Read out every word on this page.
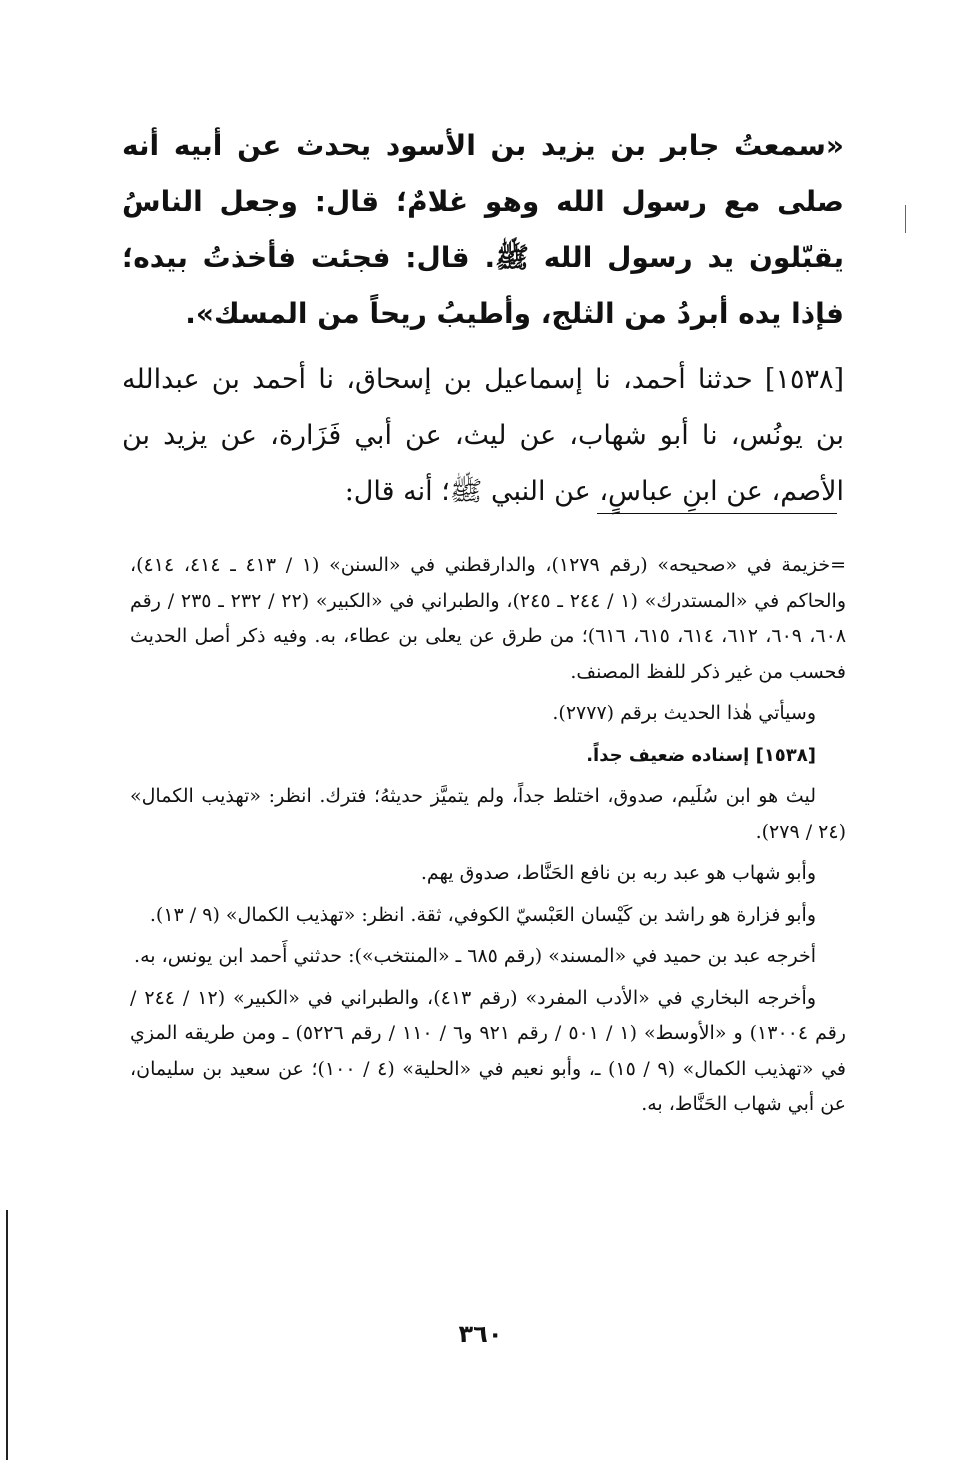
«سمعتُ جابر بن يزيد بن الأسود يحدث عن أبيه أنه صلى مع رسول الله وهو غلامٌ؛ قال: وجعل الناسُ يقبّلون يد رسول الله ﷺ. قال: فجئت فأخذتُ بيده؛ فإذا يده أبردُ من الثلج، وأطيبُ ريحاً من المسك».

[١٥٣٨] حدثنا أحمد، نا إسماعيل بن إسحاق، نا أحمد بن عبدالله بن يونُس، نا أبو شهاب، عن ليث، عن أبي فَزَارة، عن يزيد بن الأصم، عن ابنِ عباسٍ، عن النبي ﷺ؛ أنه قال:

=خزيمة في «صحيحه» (رقم ١٢٧٩)، والدارقطني في «السنن» (١ / ٤١٣ ـ ٤١٤، ٤١٤)، والحاكم في «المستدرك» (١ / ٢٤٤ ـ ٢٤٥)، والطبراني في «الكبير» (٢٢ / ٢٣٢ ـ ٢٣٥ / رقم ٦٠٨، ٦٠٩، ٦١٢، ٦١٤، ٦١٥، ٦١٦)؛ من طرق عن يعلى بن عطاء، به. وفيه ذكر أصل الحديث فحسب من غير ذكر للفظ المصنف.

وسيأتي هٰذا الحديث برقم (٢٧٧٧).

[١٥٣٨] إسناده ضعيف جداً.

ليث هو ابن سُلَيم، صدوق، اختلط جداً، ولم يتميَّز حديثهُ؛ فترك. انظر: «تهذيب الكمال» (٢٤ / ٢٧٩).

وأبو شهاب هو عبد ربه بن نافع الحَنَّاط، صدوق يهم.

وأبو فزارة هو راشد بن كَيْسان العَبْسيّ الكوفي، ثقة. انظر: «تهذيب الكمال» (٩ / ١٣).

أخرجه عبد بن حميد في «المسند» (رقم ٦٨٥ ـ «المنتخب»): حدثني أَحمد ابن يونس، به.

وأخرجه البخاري في «الأدب المفرد» (رقم ٤١٣)، والطبراني في «الكبير» (١٢ / ٢٤٤ / رقم ١٣٠٠٤) و «الأوسط» (١ / ٥٠١ / رقم ٩٢١ و٦ / ١١٠ / رقم ٥٢٢٦) ـ ومن طريقه المزي في «تهذيب الكمال» (٩ / ١٥) ـ، وأبو نعيم في «الحلية» (٤ / ١٠٠)؛ عن سعيد بن سليمان، عن أبي شهاب الحَنَّاط، به.

٣٦٠
